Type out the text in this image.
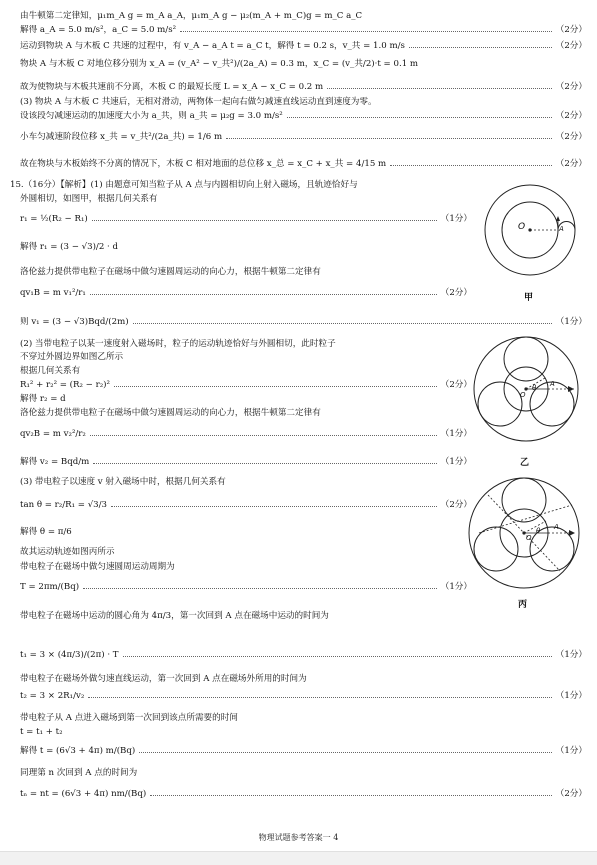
由牛顿第二定律知，μ₁m_A g = m_A a_A，μ₁m_A g − μ₂(m_A + m_C)g = m_C a_C
解得 a_A = 5.0 m/s²，a_C = 5.0 m/s²	（2分）
运动到物块 A 与木板 C 共速的过程中，有 v_A − a_A t = a_C t，解得 t = 0.2 s，v_共 = 1.0 m/s	（2分）
物块 A 与木板 C 对地位移分别为 x_A = (v_A² − v_共²)/(2a_A) = 0.3 m，x_C = (v_共/2)·t = 0.1 m
故为使物块与木板共速前不分离，木板 C 的最短长度 L = x_A − x_C = 0.2 m	（2分）
(3) 物块 A 与木板 C 共速后，无相对滑动，两物体一起向右做匀减速直线运动直到速度为零。
设该段匀减速运动的加速度大小为 a_共，则 a_共 = μ₂g = 3.0 m/s²	（2分）
小车匀减速阶段位移 x_共 = v_共²/(2a_共) = 1/6 m	（2分）
故在物块与木板始终不分离的情况下，木板 C 相对地面的总位移 x_总 = x_C + x_共 = 4/15 m	（2分）
15.（16分）【解析】(1) 由题意可知当粒子从 A 点与内圆相切向上射入磁场，且轨迹恰好与
外圆相切，如图甲，根据几何关系有
r₁ = ½(R₂ − R₁)	（1分）
解得 r₁ = (3 − √3)/2 · d
洛伦兹力提供带电粒子在磁场中做匀速圆周运动的向心力，根据牛顿第二定律有
qv₁B = m v₁²/r₁	（2分）
则 v₁ = (3 − √3)Bqd/(2m)	（1分）
(2) 当带电粒子以某一速度射入磁场时，粒子的运动轨迹恰好与外圆相切，此时粒子
不穿过外圆边界如图乙所示
根据几何关系有
R₁² + r₂² = (R₂ − r₂)²	（2分）
解得 r₂ = d
洛伦兹力提供带电粒子在磁场中做匀速圆周运动的向心力，根据牛顿第二定律有
qv₂B = m v₂²/r₂	（1分）
解得 v₂ = Bqd/m	（1分）
(3) 带电粒子以速度 v 射入磁场中时，根据几何关系有
tan θ = r₂/R₁ = √3/3	（2分）
解得 θ = π/6
故其运动轨迹如图丙所示
带电粒子在磁场中做匀速圆周运动周期为
T = 2πm/(Bq)	（1分）
带电粒子在磁场中运动的圆心角为 4π/3，第一次回到 A 点在磁场中运动的时间为
t₁ = 3 × (4π/3)/(2π) · T	（1分）
带电粒子在磁场外做匀速直线运动，第一次回到 A 点在磁场外所用的时间为
t₂ = 3 × 2R₁/v₂	（1分）
带电粒子从 A 点进入磁场到第一次回到该点所需要的时间
t = t₁ + t₂
解得 t = (6√3 + 4π) m/(Bq)	（1分）
同理第 n 次回到 A 点的时间为
tₙ = nt = (6√3 + 4π) nm/(Bq)	（2分）
O	A
甲
O
θ A
乙
O
θ A
丙
物理试题参考答案一 4
